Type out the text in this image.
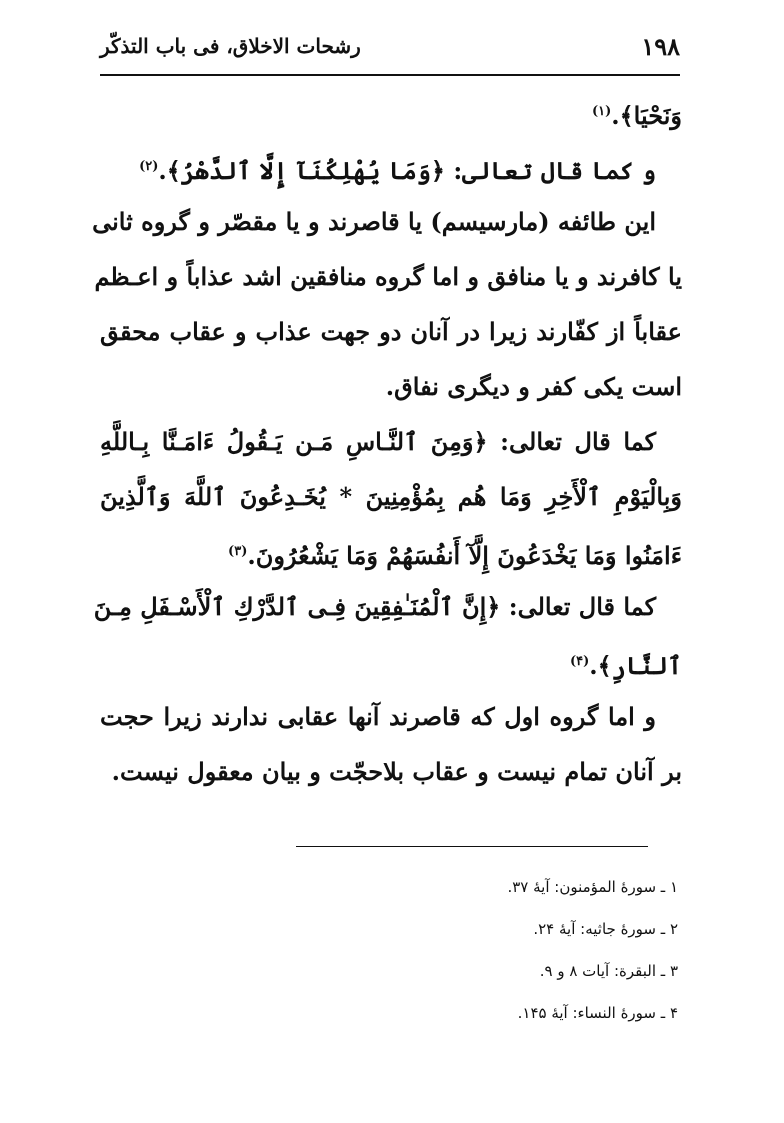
۱۹۸
رشحات الاخلاق، فی باب التذکّر
وَنَحْيَا﴾.$^{(۱)}$
و کما قال تعالی: ﴿وَمَا يُهْلِكُنَآ إِلَّا ٱلدَّهْرُ﴾.$^{(۲)}$
این طائفه (مارسیسم) یا قاصرند و یا مقصّر و گروه ثانی
یا کافرند و یا منافق و اما گروه منافقین اشد عذاباً و اعـظم
عقاباً از کفّارند زیرا در آنان دو جهت عذاب و عقاب محقق
است یکی کفر و دیگری نفاق.
کما قال تعالی: ﴿وَمِنَ ٱلنَّـاسِ مَـن يَـقُولُ ءَامَـنَّا بِـاللَّهِ
وَبِالْيَوْمِ ٱلْأَخِرِ وَمَا هُم بِمُؤْمِنِينَ * يُخَـدِعُونَ ٱللَّهَ وَٱلَّذِينَ
ءَامَنُوا وَمَا يَخْدَعُونَ إِلَّآ أَنفُسَهُمْ وَمَا يَشْعُرُونَ.$^{(۳)}$
کما قال تعالی: ﴿إِنَّ ٱلْمُنَـٰفِقِينَ فِـى ٱلدَّرْكِ ٱلْأَسْـفَلِ مِـنَ
ٱلنَّارِ﴾.$^{(۴)}$
و اما گروه اول که قاصرند آنها عقابی ندارند زیرا حجت
بر آنان تمام نیست و عقاب بلاحجّت و بیان معقول نیست.
۱ ـ سورهٔ المؤمنون: آیهٔ ۳۷.
۲ ـ سورهٔ جاثیه: آیهٔ ۲۴.
۳ ـ البقرة: آیات ۸ و ۹.
۴ ـ سورهٔ النساء: آیهٔ ۱۴۵.
